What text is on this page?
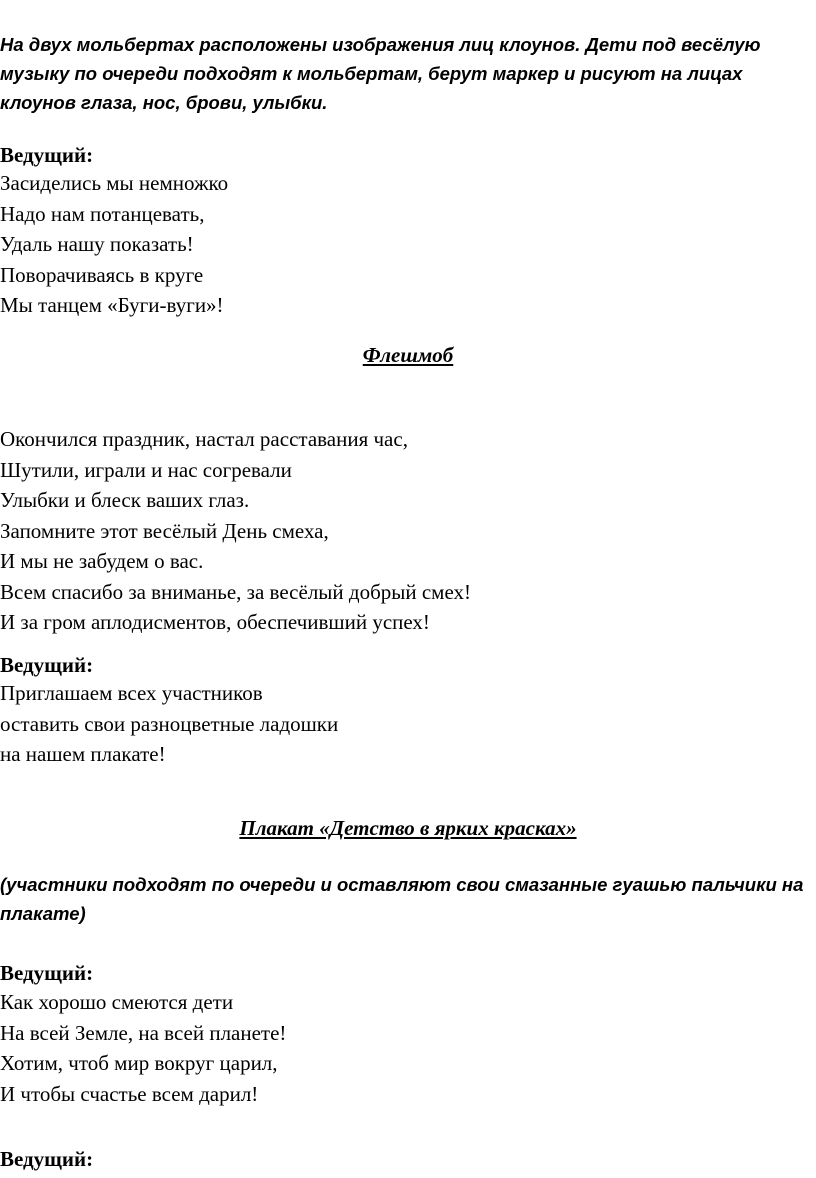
На двух мольбертах расположены изображения лиц клоунов. Дети под весёлую музыку по очереди подходят к мольбертам, берут маркер и рисуют на лицах клоунов глаза, нос, брови, улыбки.

Ведущий:

Засиделись мы немножко
Надо нам потанцевать,
Удаль нашу показать!
Поворачиваясь в круге
Мы танцем «Буги-вуги»!

Флешмоб

Окончился праздник, настал расставания час,
Шутили, играли и нас согревали
Улыбки и блеск ваших глаз.
Запомните этот весёлый День смеха,
И мы не забудем о вас.
Всем спасибо за вниманье, за весёлый добрый смех!
И за гром аплодисментов, обеспечивший успех!

Ведущий:

Приглашаем всех участников
оставить свои разноцветные ладошки
на нашем плакате!

Плакат «Детство в ярких красках»

(участники подходят по очереди и оставляют свои смазанные гуашью пальчики на плакате)

Ведущий:

Как хорошо смеются дети
На всей Земле, на всей планете!
Хотим, чтоб мир вокруг царил,
И чтобы счастье всем дарил!

Ведущий:
